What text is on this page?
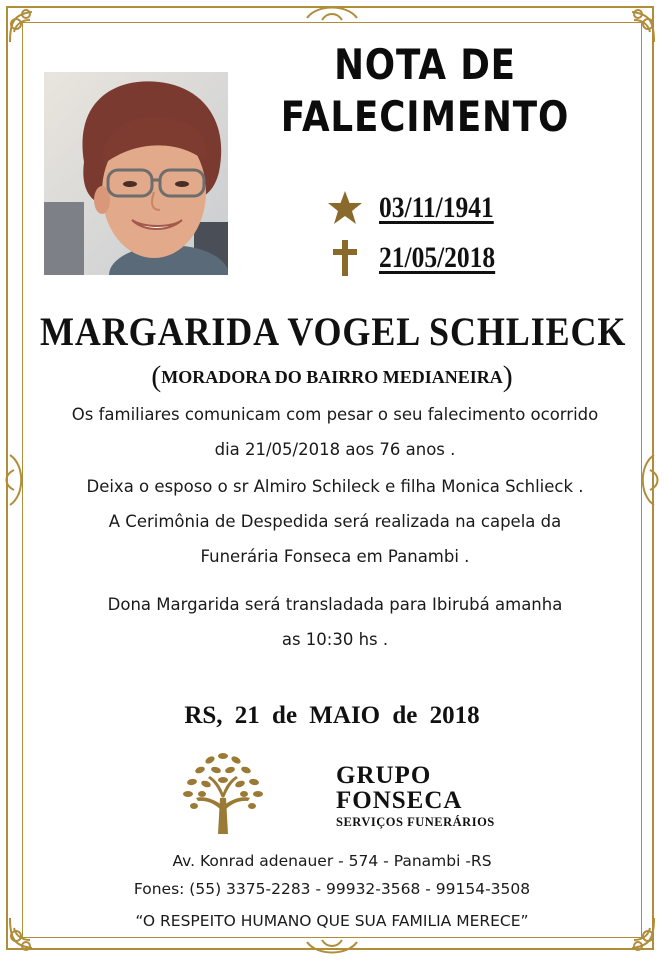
NOTA DE
FALECIMENTO
03/11/1941
21/05/2018
MARGARIDA VOGEL SCHLIECK
(MORADORA DO BAIRRO MEDIANEIRA)
Os familiares comunicam com pesar o seu falecimento ocorrido
dia 21/05/2018 aos 76 anos .
Deixa o esposo o sr Almiro Schileck e filha Monica Schlieck .
A Cerimônia de Despedida será realizada na capela da
Funerária Fonseca em Panambi .
Dona Margarida será transladada para Ibirubá amanha
as 10:30 hs .
RS, 21 de MAIO de 2018
GRUPO
FONSECA
SERVIÇOS FUNERÁRIOS
Av. Konrad adenauer - 574 - Panambi -RS
Fones: (55) 3375-2283 - 99932-3568 - 99154-3508
“O RESPEITO HUMANO QUE SUA FAMILIA MERECE”
